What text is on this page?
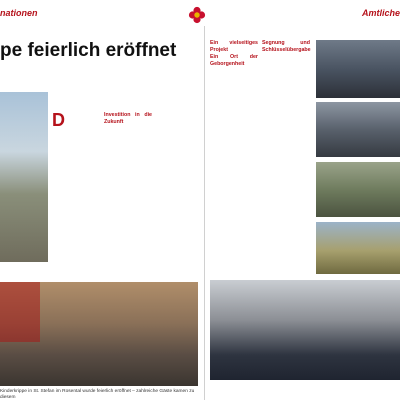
nationen	Amtliche
pe feierlich eröffnet
D	Investition in die Zukunft
Kinderkrippe in St. Stefan im Rosental wurde feierlich eröffnet – zahlreiche Gäste kamen zu diesem
Ein vielseitiges Projekt
Ein Ort der Geborgenheit
Segnung und Schlüsselübergabe
